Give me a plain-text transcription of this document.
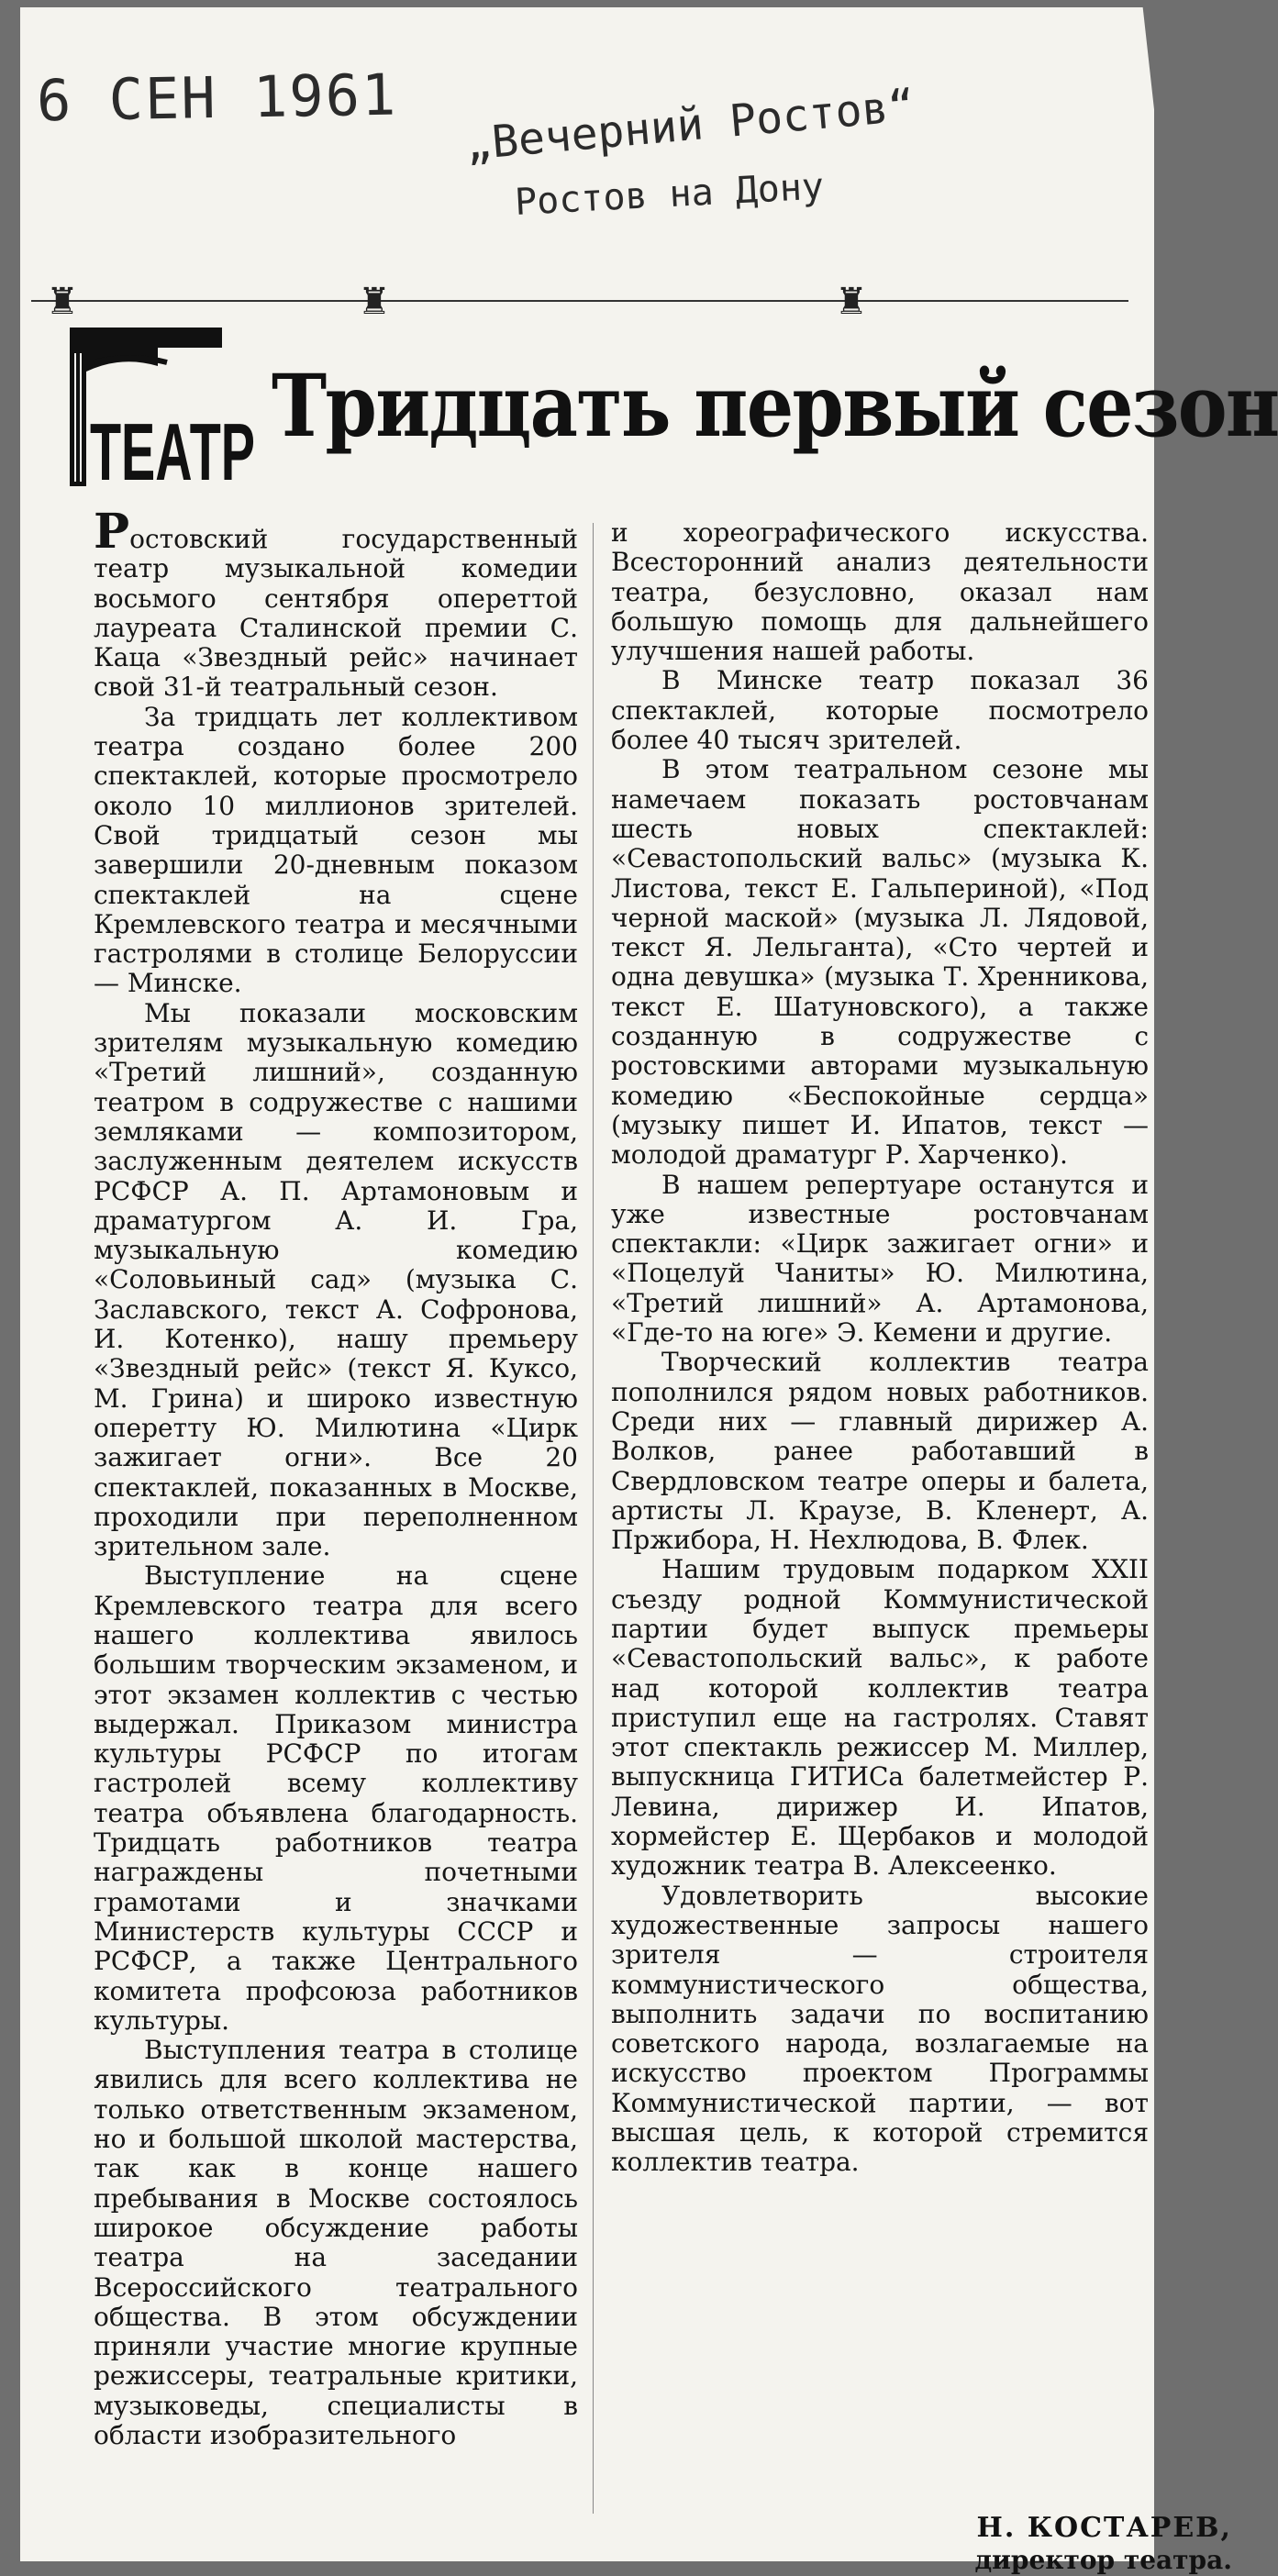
6 СЕН 1961 „Вечерний Ростов“
Ростов на Дону
♜	♜	♜
ТЕАТР Тридцать первый сезон

Ростовский государственный театр музыкальной комедии восьмого сентября опереттой лауреата Сталинской премии С. Каца «Звездный рейс» начинает свой 31-й театральный сезон.

За тридцать лет коллективом театра создано более 200 спектаклей, которые просмотрело около 10 миллионов зрителей. Свой тридцатый сезон мы завершили 20-дневным показом спектаклей на сцене Кремлевского театра и месячными гастролями в столице Белоруссии — Минске.

Мы показали московским зрителям музыкальную комедию «Третий лишний», созданную театром в содружестве с нашими земляками — композитором, заслуженным деятелем искусств РСФСР А. П. Артамоновым и драматургом А. И. Гра, музыкальную комедию «Соловьиный сад» (музыка С. Заславского, текст А. Софронова, И. Котенко), нашу премьеру «Звездный рейс» (текст Я. Куксо, М. Грина) и широко известную оперетту Ю. Милютина «Цирк зажигает огни». Все 20 спектаклей, показанных в Москве, проходили при переполненном зрительном зале.

Выступление на сцене Кремлевского театра для всего нашего коллектива явилось большим творческим экзаменом, и этот экзамен коллектив с честью выдержал. Приказом министра культуры РСФСР по итогам гастролей всему коллективу театра объявлена благодарность. Тридцать работников театра награждены почетными грамотами и значками Министерств культуры СССР и РСФСР, а также Центрального комитета профсоюза работников культуры.

Выступления театра в столице явились для всего коллектива не только ответственным экзаменом, но и большой школой мастерства, так как в конце нашего пребывания в Москве состоялось широкое обсуждение работы театра на заседании Всероссийского театрального общества. В этом обсуждении приняли участие многие крупные режиссеры, театральные критики, музыковеды, специалисты в области изобразительного

и хореографического искусства. Всесторонний анализ деятельности театра, безусловно, оказал нам большую помощь для дальнейшего улучшения нашей работы.

В Минске театр показал 36 спектаклей, которые посмотрело более 40 тысяч зрителей.

В этом театральном сезоне мы намечаем показать ростовчанам шесть новых спектаклей: «Севастопольский вальс» (музыка К. Листова, текст Е. Гальпериной), «Под черной маской» (музыка Л. Лядовой, текст Я. Лельганта), «Сто чертей и одна девушка» (музыка Т. Хренникова, текст Е. Шатуновского), а также созданную в содружестве с ростовскими авторами музыкальную комедию «Беспокойные сердца» (музыку пишет И. Ипатов, текст — молодой драматург Р. Харченко).

В нашем репертуаре останутся и уже известные ростовчанам спектакли: «Цирк зажигает огни» и «Поцелуй Чаниты» Ю. Милютина, «Третий лишний» А. Артамонова, «Где-то на юге» Э. Кемени и другие.

Творческий коллектив театра пополнился рядом новых работников. Среди них — главный дирижер А. Волков, ранее работавший в Свердловском театре оперы и балета, артисты Л. Краузе, В. Кленерт, А. Пржибора, Н. Нехлюдова, В. Флек.

Нашим трудовым подарком XXII съезду родной Коммунистической партии будет выпуск премьеры «Севастопольский вальс», к работе над которой коллектив театра приступил еще на гастролях. Ставят этот спектакль режиссер М. Миллер, выпускница ГИТИСа балетмейстер Р. Левина, дирижер И. Ипатов, хормейстер Е. Щербаков и молодой художник театра В. Алексеенко.

Удовлетворить высокие художественные запросы нашего зрителя — строителя коммунистического общества, выполнить задачи по воспитанию советского народа, возлагаемые на искусство проектом Программы Коммунистической партии, — вот высшая цель, к которой стремится коллектив театра.

Н. КОСТАРЕВ,
директор театра.
